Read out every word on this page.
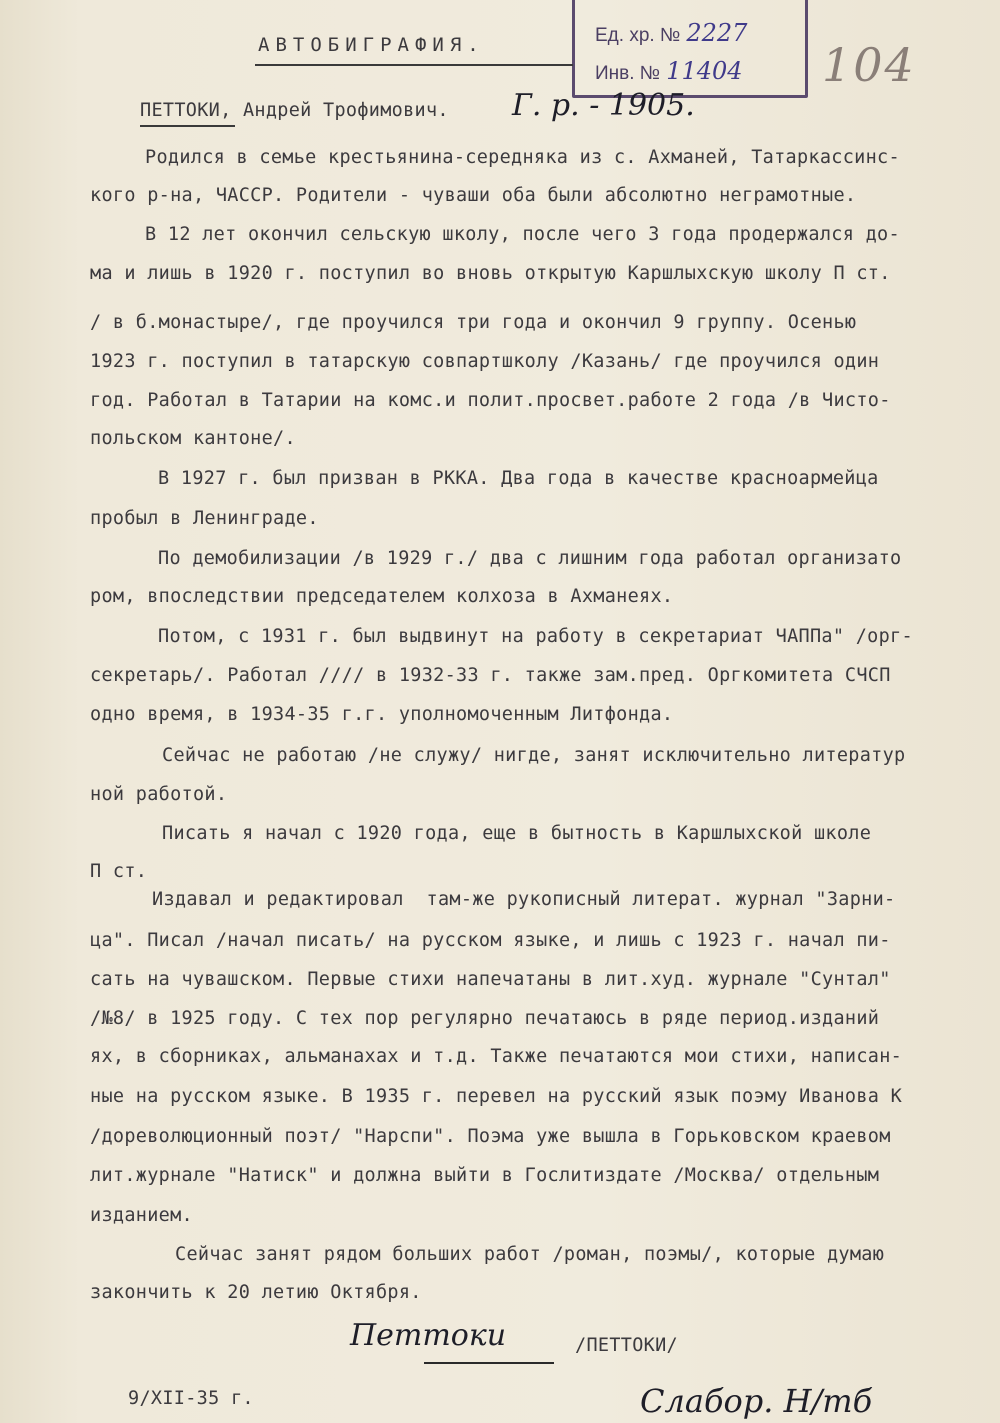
Ед. хр. № 2227
Инв. № 11404 104
АВТОБИГРАФИЯ.
ПЕТТОКИ, Андрей Трофимович. Г. р. - 1905.
Родился в семье крестьянина-середняка из с. Ахманей, Татаркассинс-
кого р-на, ЧАССР. Родители - чуваши оба были абсолютно неграмотные.
В 12 лет окончил сельскую школу, после чего 3 года продержался до-
ма и лишь в 1920 г. поступил во вновь открытую Каршлыхскую школу П ст.
/ в б.монастыре/, где проучился три года и окончил 9 группу. Осенью
1923 г. поступил в татарскую совпартшколу /Казань/ где проучился один
год. Работал в Татарии на комс.и полит.просвет.работе 2 года /в Чисто-
польском кантоне/.
В 1927 г. был призван в РККА. Два года в качестве красноармейца
пробыл в Ленинграде.
По демобилизации /в 1929 г./ два с лишним года работал организато
ром, впоследствии председателем колхоза в Ахманеях.
Потом, с 1931 г. был выдвинут на работу в секретариат ЧАППа" /орг-
секретарь/. Работал //// в 1932-33 г. также зам.пред. Оргкомитета СЧСП
одно время, в 1934-35 г.г. уполномоченным Литфонда.
Сейчас не работаю /не служу/ нигде, занят исключительно литератур
ной работой.
Писать я начал с 1920 года, еще в бытность в Каршлыхской школе
П ст.
Издавал и редактировал  там-же рукописный литерат. журнал "Зарни-
ца". Писал /начал писать/ на русском языке, и лишь с 1923 г. начал пи-
сать на чувашском. Первые стихи напечатаны в лит.худ. журнале "Сунтал"
/№8/ в 1925 году. С тех пор регулярно печатаюсь в ряде период.изданий
ях, в сборниках, альманахах и т.д. Также печатаются мои стихи, написан-
ные на русском языке. В 1935 г. перевел на русский язык поэму Иванова К
/дореволюционный поэт/ "Нарспи". Поэма уже вышла в Горьковском краевом
лит.журнале "Натиск" и должна выйти в Гослитиздате /Москва/ отдельным
изданием.
Сейчас занят рядом больших работ /роман, поэмы/, которые думаю
закончить к 20 летию Октября.
Петтоки	/ПЕТТОКИ/
9/XII-35 г.	Слабор. Н/тб
